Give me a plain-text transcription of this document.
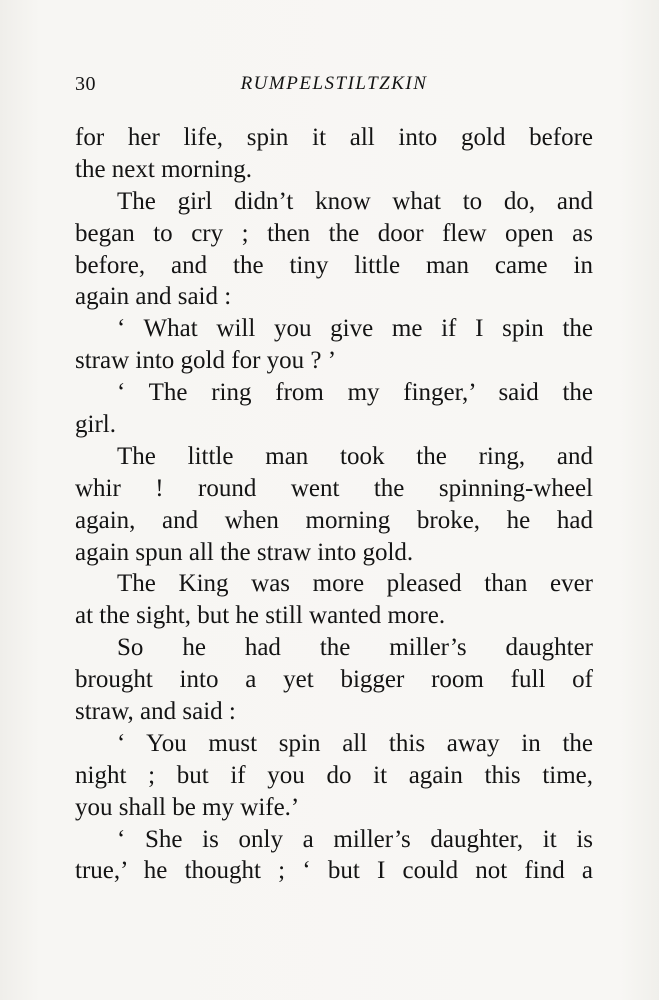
30	RUMPELSTILTZKIN
for her life, spin it all into gold before
the next morning.
The girl didn’t know what to do, and
began to cry ; then the door flew open as
before, and the tiny little man came in
again and said :
‘ What will you give me if I spin the
straw into gold for you ? ’
‘ The ring from my finger,’ said the
girl.
The little man took the ring, and
whir ! round went the spinning-wheel
again, and when morning broke, he had
again spun all the straw into gold.
The King was more pleased than ever
at the sight, but he still wanted more.
So he had the miller’s daughter
brought into a yet bigger room full of
straw, and said :
‘ You must spin all this away in the
night ; but if you do it again this time,
you shall be my wife.’
‘ She is only a miller’s daughter, it is
true,’ he thought ; ‘ but I could not find a
